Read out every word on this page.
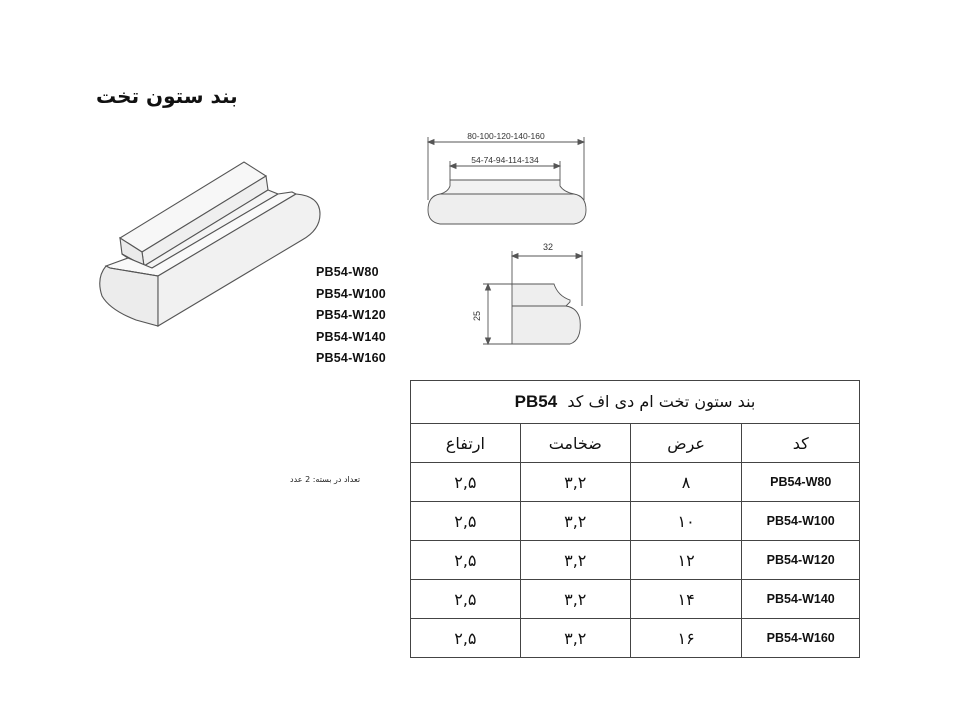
بند ستون تخت
PB54-W80
PB54-W100
PB54-W120
PB54-W140
PB54-W160
80-100-120-140-160
54-74-94-114-134
32
25
تعداد در بسته: 2 عدد
بند ستون تخت ام دی اف کد  PB54			
ارتفاع	ضخامت	عرض	کد
۲,۵	۳,۲	۸	PB54-W80
۲,۵	۳,۲	۱۰	PB54-W100
۲,۵	۳,۲	۱۲	PB54-W120
۲,۵	۳,۲	۱۴	PB54-W140
۲,۵	۳,۲	۱۶	PB54-W160
